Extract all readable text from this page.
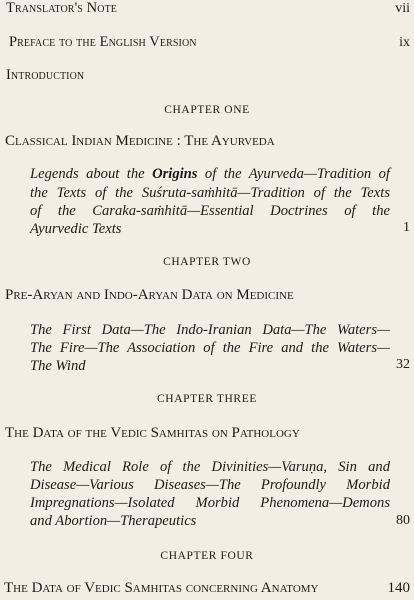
Translator's Note	vii
Preface to the English Version	ix
Introduction
CHAPTER ONE
Classical Indian Medicine : The Ayurveda
Legends about the Origins of the Ayurveda—Tradition of
the Texts of the Suśruta-saṁhitā—Tradition of the Texts
of the Caraka-saṁhitā—Essential Doctrines of the
Ayurvedic Texts	1
CHAPTER TWO
Pre-Aryan and Indo-Aryan Data on Medicine
The First Data—The Indo-Iranian Data—The Waters—
The Fire—The Association of the Fire and the Waters—
The Wind	32
CHAPTER THREE
The Data of the Vedic Samhitas on Pathology
The Medical Role of the Divinities—Varuṇa, Sin and
Disease—Various Diseases—The Profoundly Morbid
Impregnations—Isolated Morbid Phenomena—Demons
and Abortion—Therapeutics	80
CHAPTER FOUR
The Data of Vedic Samhitas concerning Anatomy	140
